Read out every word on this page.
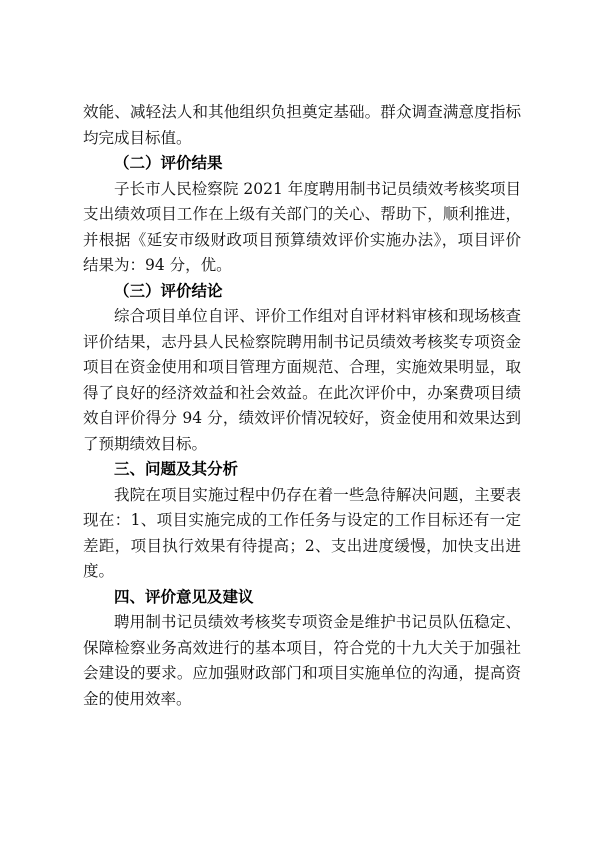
效能、减轻法人和其他组织负担奠定基础。群众调查满意度指标
均完成目标值。
（二）评价结果
子长市人民检察院 2021 年度聘用制书记员绩效考核奖项目
支出绩效项目工作在上级有关部门的关心、帮助下，顺利推进，
并根据《延安市级财政项目预算绩效评价实施办法》，项目评价
结果为：94 分，优。
（三）评价结论
综合项目单位自评、评价工作组对自评材料审核和现场核查
评价结果，志丹县人民检察院聘用制书记员绩效考核奖专项资金
项目在资金使用和项目管理方面规范、合理，实施效果明显，取
得了良好的经济效益和社会效益。在此次评价中，办案费项目绩
效自评价得分 94 分，绩效评价情况较好，资金使用和效果达到
了预期绩效目标。
三、问题及其分析
我院在项目实施过程中仍存在着一些急待解决问题，主要表
现在：1、项目实施完成的工作任务与设定的工作目标还有一定
差距，项目执行效果有待提高；2、支出进度缓慢，加快支出进
度。
四、评价意见及建议
聘用制书记员绩效考核奖专项资金是维护书记员队伍稳定、
保障检察业务高效进行的基本项目，符合党的十九大关于加强社
会建设的要求。应加强财政部门和项目实施单位的沟通，提高资
金的使用效率。
